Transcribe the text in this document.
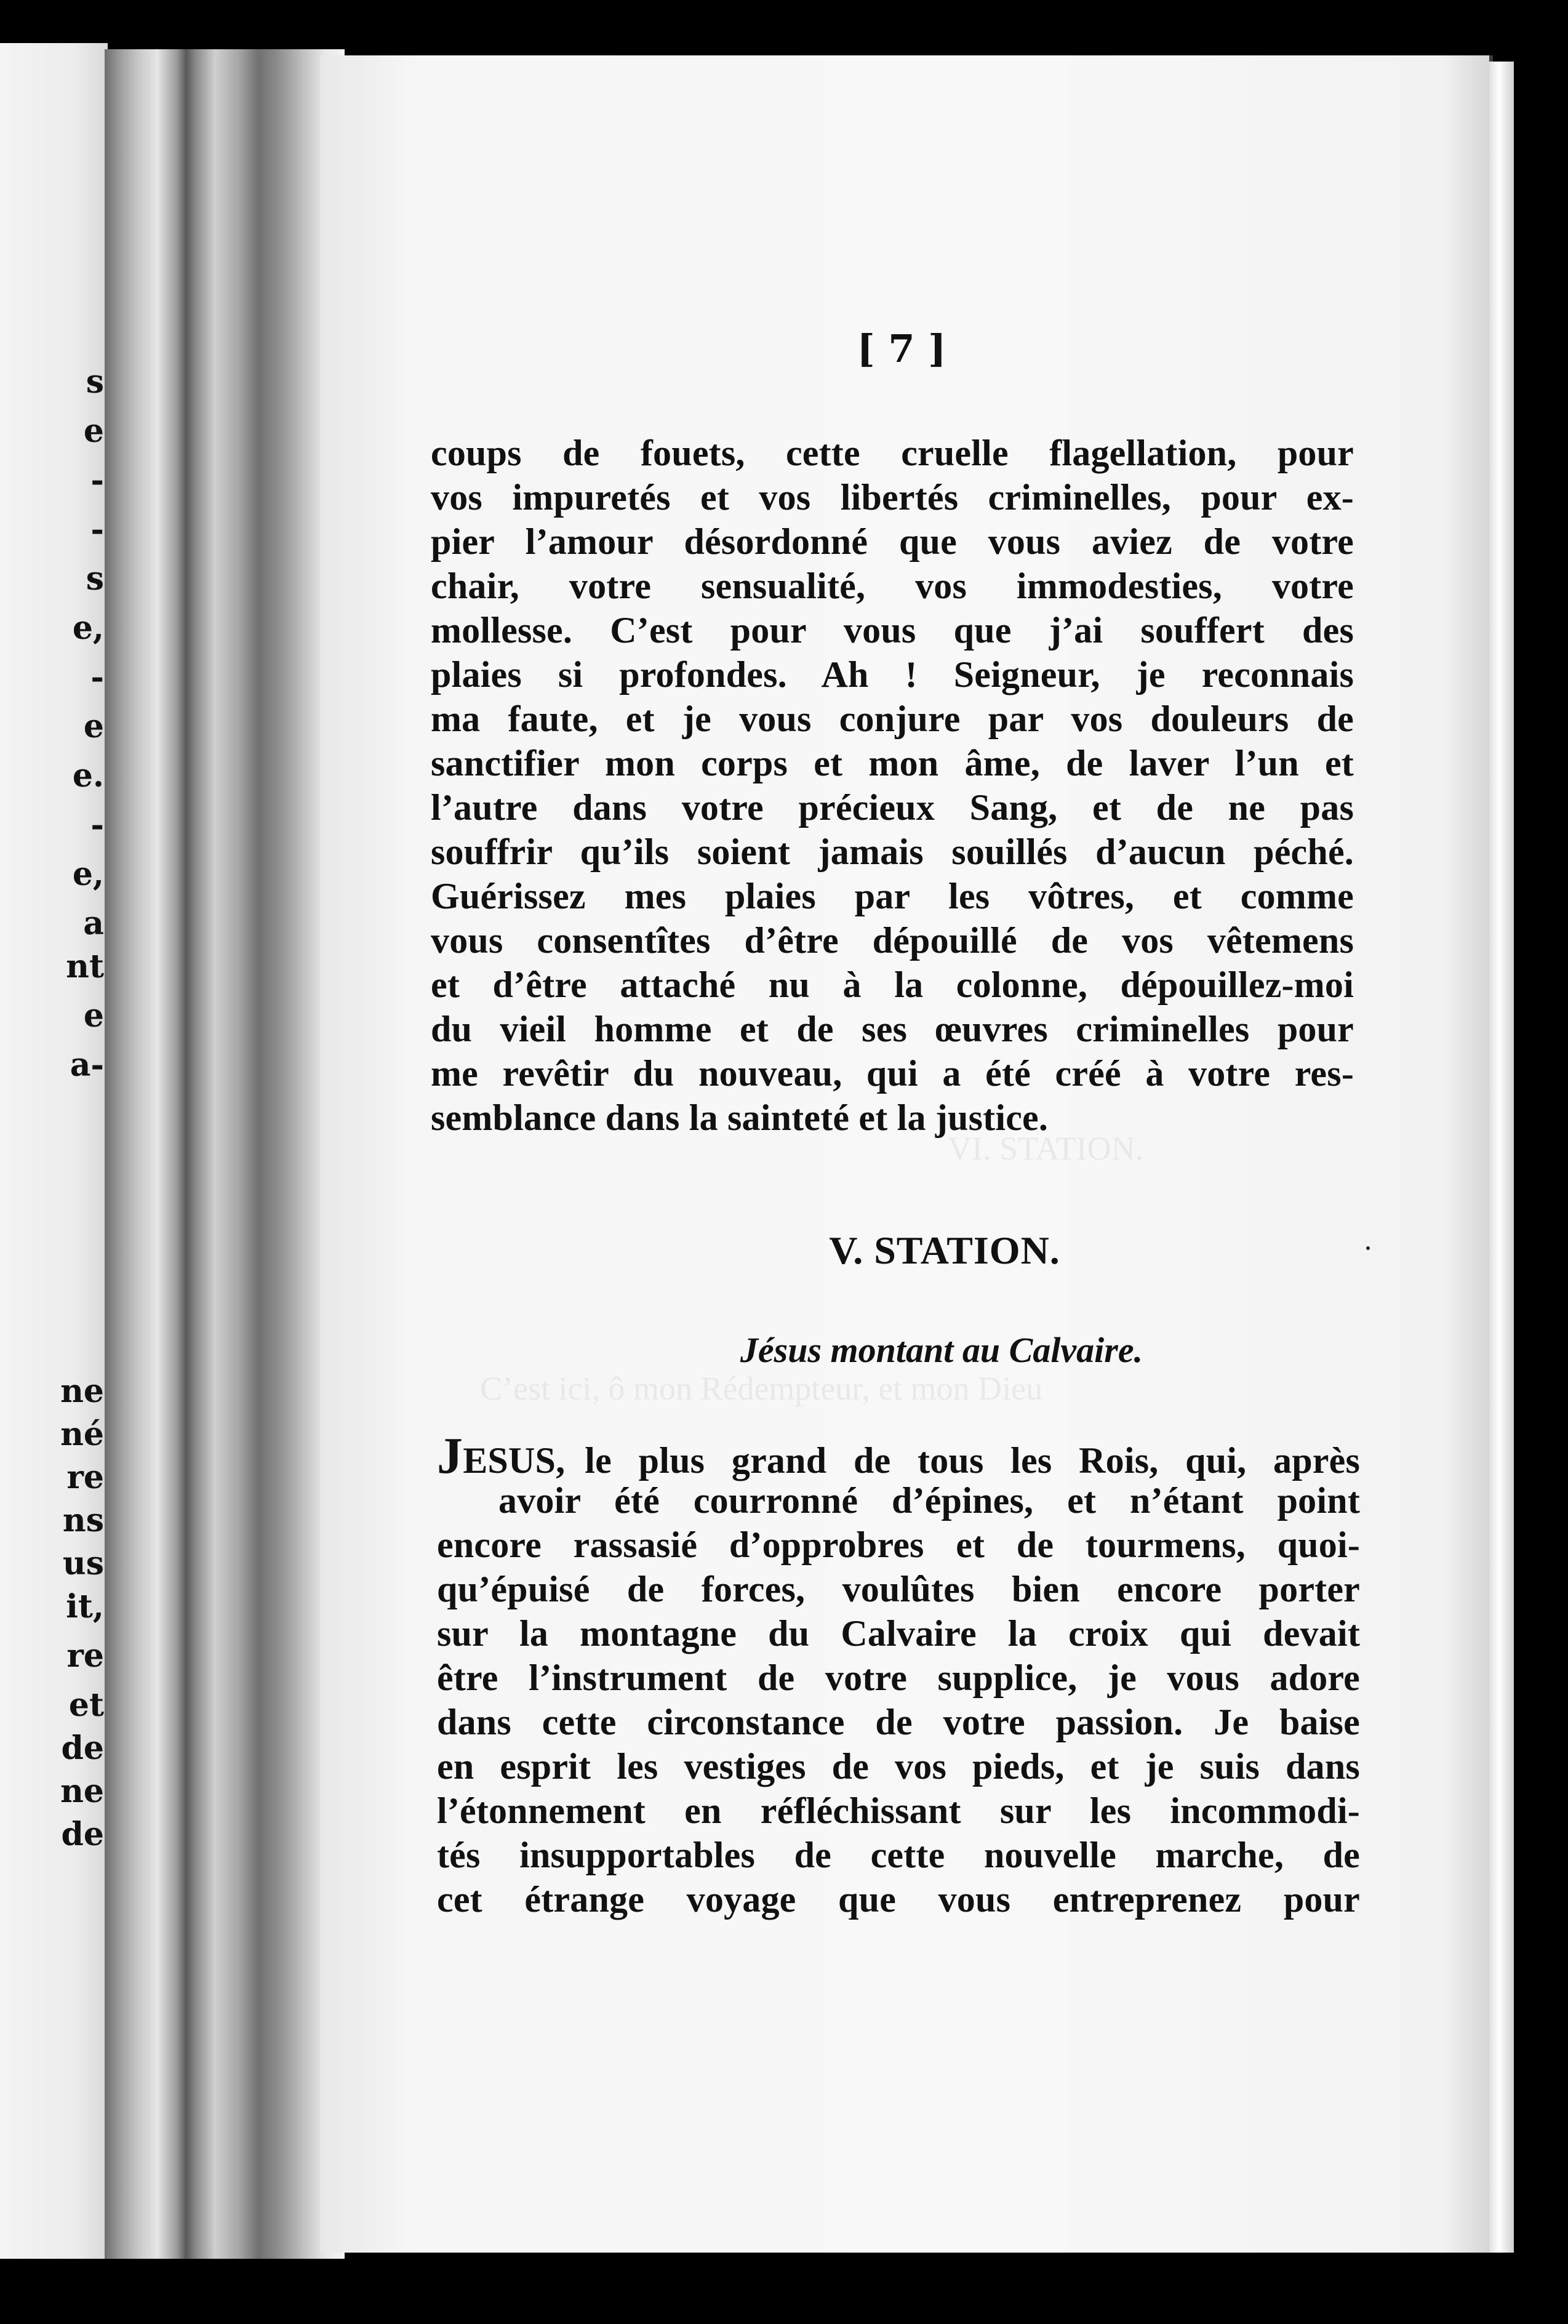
s
e
-
-
s
e,
-
e
e.
-
e,
a
nt
e
a-
ne
né
re
ns
us
it,
re
et
de
ne
de
VI. STATION.
C’est ici, ô mon Rédempteur, et mon Dieu
[ 7 ]
coups de fouets, cette cruelle flagellation, pour
vos impuretés et vos libertés criminelles, pour ex-
pier l’amour désordonné que vous aviez de votre
chair, votre sensualité, vos immodesties, votre
mollesse. C’est pour vous que j’ai souffert des
plaies si profondes. Ah ! Seigneur, je reconnais
ma faute, et je vous conjure par vos douleurs de
sanctifier mon corps et mon âme, de laver l’un et
l’autre dans votre précieux Sang, et de ne pas
souffrir qu’ils soient jamais souillés d’aucun péché.
Guérissez mes plaies par les vôtres, et comme
vous consentîtes d’être dépouillé de vos vêtemens
et d’être attaché nu à la colonne, dépouillez-moi
du vieil homme et de ses œuvres criminelles pour
me revêtir du nouveau, qui a été créé à votre res-
semblance dans la sainteté et la justice.
V. STATION.
Jésus montant au Calvaire.
JESUS, le plus grand de tous les Rois, qui, après
avoir été courronné d’épines, et n’étant point
encore rassasié d’opprobres et de tourmens, quoi-
qu’épuisé de forces, voulûtes bien encore porter
sur la montagne du Calvaire la croix qui devait
être l’instrument de votre supplice, je vous adore
dans cette circonstance de votre passion. Je baise
en esprit les vestiges de vos pieds, et je suis dans
l’étonnement en réfléchissant sur les incommodi-
tés insupportables de cette nouvelle marche, de
cet étrange voyage que vous entreprenez pour
